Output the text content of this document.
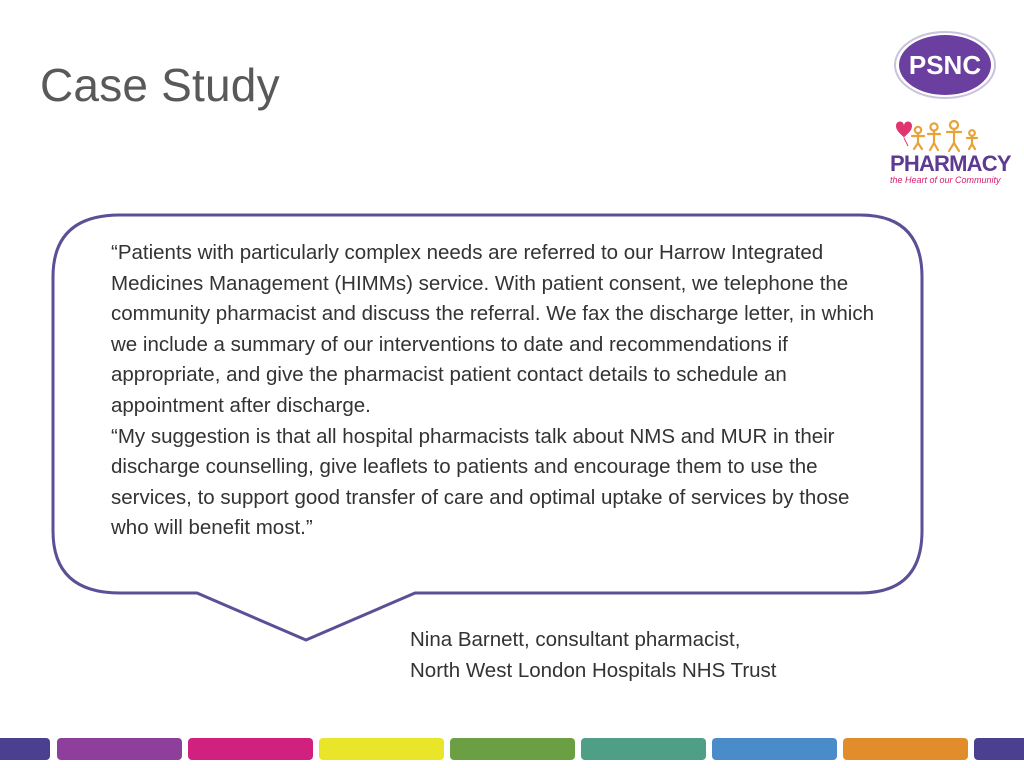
Case Study	PSNC
PHARMACY
the Heart of our Community

“Patients with particularly complex needs are referred to our Harrow Integrated Medicines Management (HIMMs) service. With patient consent, we telephone the community pharmacist and discuss the referral. We fax the discharge letter, in which we include a summary of our interventions to date and recommendations if appropriate, and give the pharmacist patient contact details to schedule an appointment after discharge.

“My suggestion is that all hospital pharmacists talk about NMS and MUR in their discharge counselling, give leaflets to patients and encourage them to use the services, to support good transfer of care and optimal uptake of services by those who will benefit most.”

Nina Barnett, consultant pharmacist,
North West London Hospitals NHS Trust
